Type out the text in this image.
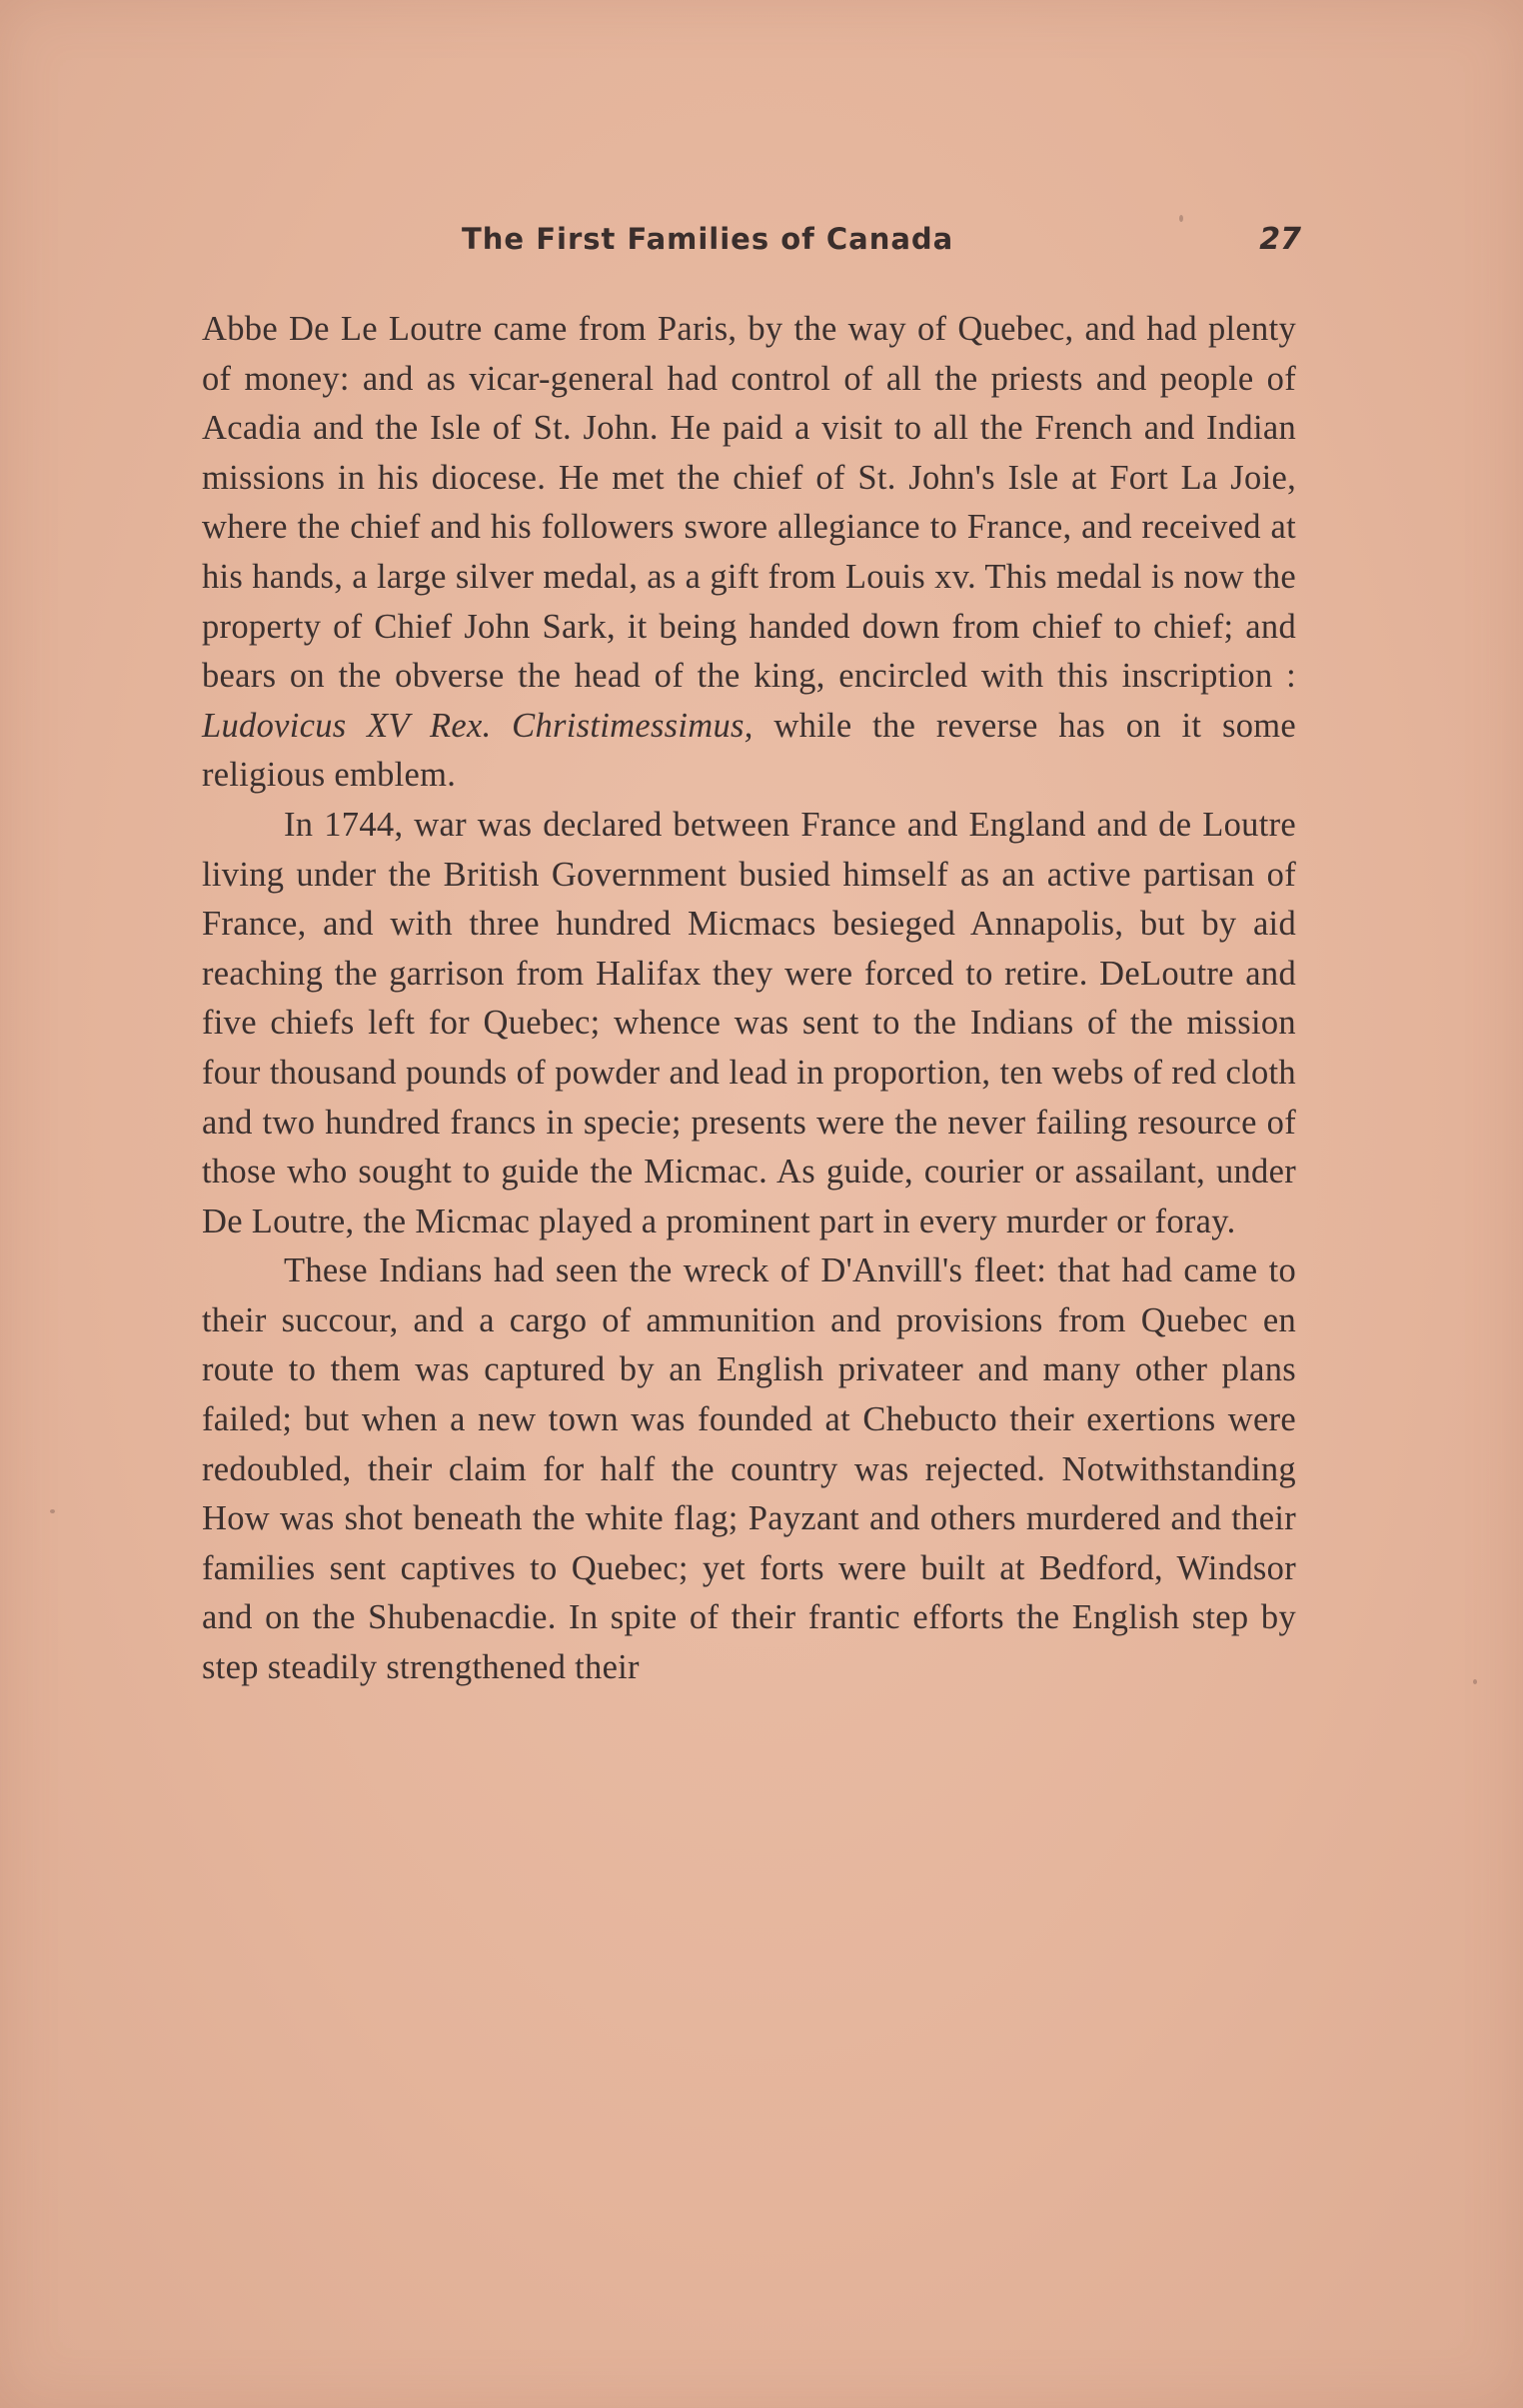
The First Families of Canada	27

Abbe De Le Loutre came from Paris, by the way of Quebec, and had plenty of money: and as vicar-general had control of all the priests and people of Acadia and the Isle of St. John. He paid a visit to all the French and Indian missions in his diocese. He met the chief of St. John's Isle at Fort La Joie, where the chief and his followers swore allegiance to France, and received at his hands, a large silver medal, as a gift from Louis xv. This medal is now the property of Chief John Sark, it being handed down from chief to chief; and bears on the obverse the head of the king, encircled with this inscription : Ludovicus XV Rex. Christimessimus, while the reverse has on it some religious emblem.

In 1744, war was declared between France and England and de Loutre living under the British Government busied himself as an active partisan of France, and with three hundred Micmacs besieged Annapolis, but by aid reaching the garrison from Halifax they were forced to retire. DeLoutre and five chiefs left for Quebec; whence was sent to the Indians of the mission four thousand pounds of powder and lead in proportion, ten webs of red cloth and two hundred francs in specie; presents were the never failing resource of those who sought to guide the Micmac. As guide, courier or assailant, under De Loutre, the Micmac played a prominent part in every murder or foray.

These Indians had seen the wreck of D'Anvill's fleet: that had came to their succour, and a cargo of ammunition and provisions from Quebec en route to them was captured by an English privateer and many other plans failed; but when a new town was founded at Chebucto their exertions were redoubled, their claim for half the country was rejected. Notwithstanding How was shot beneath the white flag; Payzant and others murdered and their families sent captives to Quebec; yet forts were built at Bedford, Windsor and on the Shubenacdie. In spite of their frantic efforts the English step by step steadily strengthened their
